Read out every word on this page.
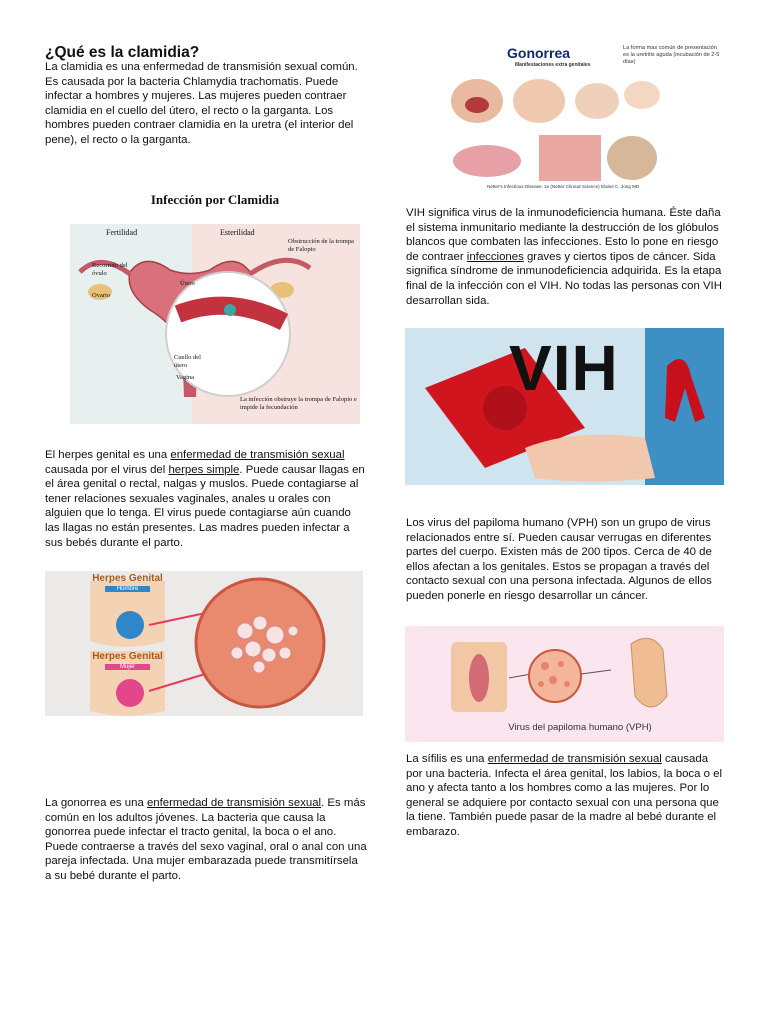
¿Qué es la clamidia?
La clamidia es una enfermedad de transmisión sexual común. Es causada por la bacteria Chlamydia trachomatis. Puede infectar a hombres y mujeres. Las mujeres pueden contraer clamidia en el cuello del útero, el recto o la garganta. Los hombres pueden contraer clamidia en la uretra (el interior del pene), el recto o la garganta.
Infección por Clamidia
Fertilidad	Esterilidad
Obstrucción de la trompa de Falopio
Recorrido del óvulo
Ovario
Útero
Cuello del útero
Vagina
La infección obstruye la trompa de Falopio e impide la fecundación
El herpes genital es una enfermedad de transmisión sexual causada por el virus del herpes simple. Puede causar llagas en el área genital o rectal, nalgas y muslos. Puede contagiarse al tener relaciones sexuales vaginales, anales u orales con alguien que lo tenga. El virus puede contagiarse aún cuando las llagas no están presentes. Las madres pueden infectar a sus bebés durante el parto.
Herpes Genital
Hombre
Herpes Genital
Mujer
La gonorrea es una enfermedad de transmisión sexual. Es más común en los adultos jóvenes. La bacteria que causa la gonorrea puede infectar el tracto genital, la boca o el ano. Puede contraerse a través del sexo vaginal, oral o anal con una pareja infectada. Una mujer embarazada puede transmitírsela a su bebé durante el parto.
Gonorrea
Manifestaciones extra genitales
La forma mas común de presentación es la uretritis aguda (incubación de 2-5 días)
Netter's Infectious Disease, 1e (Netter Clinical Science) Elaine C. Jong MD
VIH significa virus de la inmunodeficiencia humana. Éste daña el sistema inmunitario mediante la destrucción de los glóbulos blancos que combaten las infecciones. Esto lo pone en riesgo de contraer infecciones graves y ciertos tipos de cáncer. Sida significa síndrome de inmunodeficiencia adquirida. Es la etapa final de la infección con el VIH. No todas las personas con VIH desarrollan sida.
VIH
Los virus del papiloma humano (VPH) son un grupo de virus relacionados entre sí. Pueden causar verrugas en diferentes partes del cuerpo. Existen más de 200 tipos. Cerca de 40 de ellos afectan a los genitales. Estos se propagan a través del contacto sexual con una persona infectada. Algunos de ellos pueden ponerle en riesgo desarrollar un cáncer.
Virus del papiloma humano (VPH)
La sífilis es una enfermedad de transmisión sexual causada por una bacteria. Infecta el área genital, los labios, la boca o el ano y afecta tanto a los hombres como a las mujeres. Por lo general se adquiere por contacto sexual con una persona que la tiene. También puede pasar de la madre al bebé durante el embarazo.
